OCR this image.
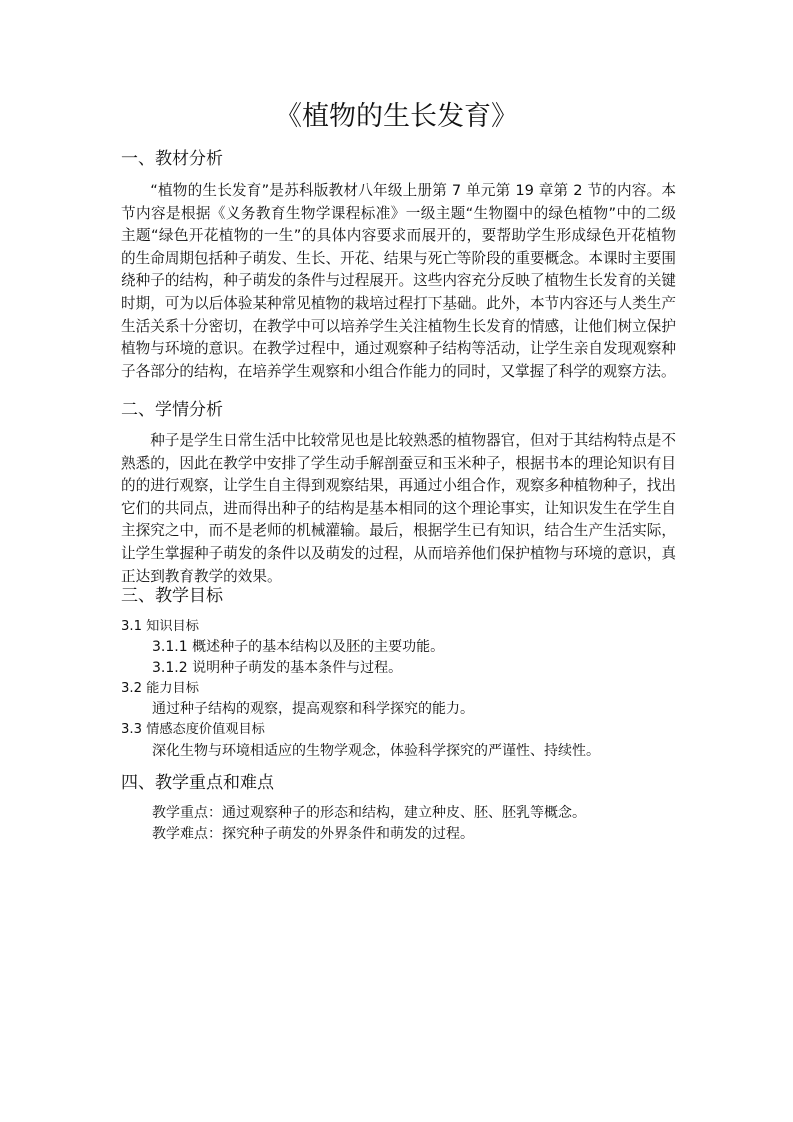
《植物的生长发育》
一、教材分析

“植物的生长发育”是苏科版教材八年级上册第 7 单元第 19 章第 2 节的内容。本节内容是根据《义务教育生物学课程标准》一级主题“生物圈中的绿色植物”中的二级主题“绿色开花植物的一生”的具体内容要求而展开的，要帮助学生形成绿色开花植物的生命周期包括种子萌发、生长、开花、结果与死亡等阶段的重要概念。本课时主要围绕种子的结构，种子萌发的条件与过程展开。这些内容充分反映了植物生长发育的关键时期，可为以后体验某种常见植物的栽培过程打下基础。此外，本节内容还与人类生产生活关系十分密切，在教学中可以培养学生关注植物生长发育的情感，让他们树立保护植物与环境的意识。在教学过程中，通过观察种子结构等活动，让学生亲自发现观察种子各部分的结构，在培养学生观察和小组合作能力的同时，又掌握了科学的观察方法。

二、学情分析

种子是学生日常生活中比较常见也是比较熟悉的植物器官，但对于其结构特点是不熟悉的，因此在教学中安排了学生动手解剖蚕豆和玉米种子，根据书本的理论知识有目的的进行观察，让学生自主得到观察结果，再通过小组合作，观察多种植物种子，找出它们的共同点，进而得出种子的结构是基本相同的这个理论事实，让知识发生在学生自主探究之中，而不是老师的机械灌输。最后，根据学生已有知识，结合生产生活实际，让学生掌握种子萌发的条件以及萌发的过程，从而培养他们保护植物与环境的意识，真正达到教育教学的效果。

三、教学目标

3.1 知识目标

3.1.1 概述种子的基本结构以及胚的主要功能。

3.1.2 说明种子萌发的基本条件与过程。

3.2 能力目标

通过种子结构的观察，提高观察和科学探究的能力。

3.3 情感态度价值观目标

深化生物与环境相适应的生物学观念，体验科学探究的严谨性、持续性。

四、教学重点和难点

教学重点：通过观察种子的形态和结构，建立种皮、胚、胚乳等概念。

教学难点：探究种子萌发的外界条件和萌发的过程。
